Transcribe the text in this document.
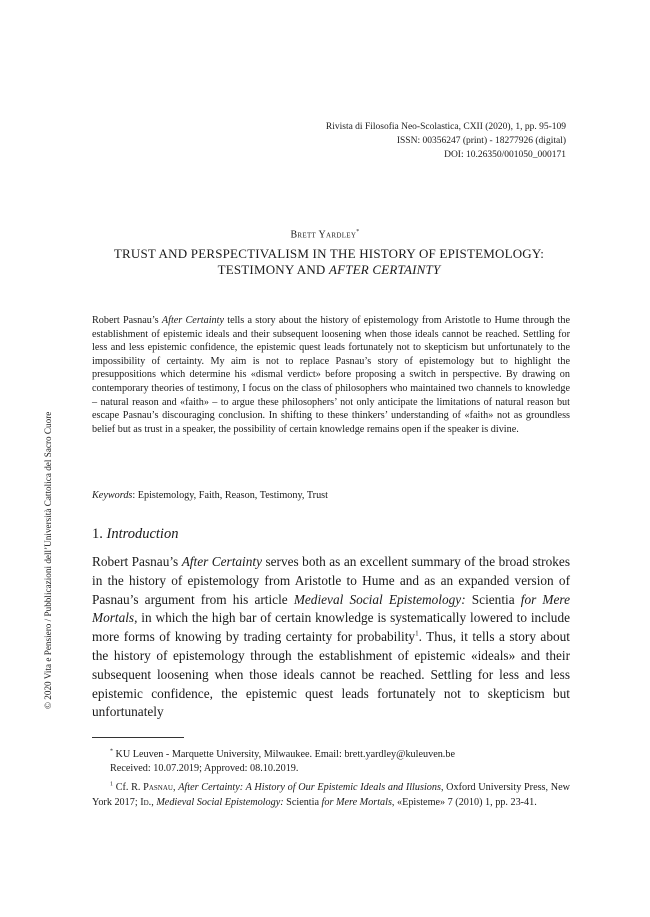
Rivista di Filosofia Neo-Scolastica, CXII (2020), 1, pp. 95-109
ISSN: 00356247 (print) - 18277926 (digital)
DOI: 10.26350/001050_000171
Brett Yardley*
TRUST AND PERSPECTIVALISM IN THE HISTORY OF EPISTEMOLOGY:
TESTIMONY AND AFTER CERTAINTY

Robert Pasnau’s After Certainty tells a story about the history of epistemology from Aristotle to Hume through the establishment of epistemic ideals and their subsequent loosening when those ideals cannot be reached. Settling for less and less epistemic confidence, the epistemic quest leads fortunately not to skepticism but unfortunately to the impossibility of certainty. My aim is not to replace Pasnau’s story of epistemology but to highlight the presuppositions which determine his «dismal verdict» before proposing a switch in perspective. By drawing on contemporary theories of testimony, I focus on the class of philosophers who maintained two channels to knowledge – natural reason and «faith» – to argue these philosophers’ not only anticipate the limitations of natural reason but escape Pasnau’s discouraging conclusion. In shifting to these thinkers’ understanding of «faith» not as groundless belief but as trust in a speaker, the possibility of certain knowledge remains open if the speaker is divine.

Keywords: Epistemology, Faith, Reason, Testimony, Trust
1. Introduction

Robert Pasnau’s After Certainty serves both as an excellent summary of the broad strokes in the history of epistemology from Aristotle to Hume and as an expanded version of Pasnau’s argument from his article Medieval Social Epistemology: Scientia for Mere Mortals, in which the high bar of certain knowledge is systematically lowered to include more forms of knowing by trading certainty for probability$^1$. Thus, it tells a story about the history of epistemology through the establishment of epistemic «ideals» and their subsequent loosening when those ideals cannot be reached. Settling for less and less epistemic confidence, the epistemic quest leads fortunately not to skepticism but unfortunately

* KU Leuven - Marquette University, Milwaukee. Email: brett.yardley@kuleuven.be
Received: 10.07.2019; Approved: 08.10.2019.
$^1$ Cf. R. Pasnau, After Certainty: A History of Our Epistemic Ideals and Illusions, Oxford University Press, New York 2017; Id., Medieval Social Epistemology: Scientia for Mere Mortals, «Episteme» 7 (2010) 1, pp. 23-41.
© 2020 Vita e Pensiero / Pubblicazioni dell’Università Cattolica del Sacro Cuore
